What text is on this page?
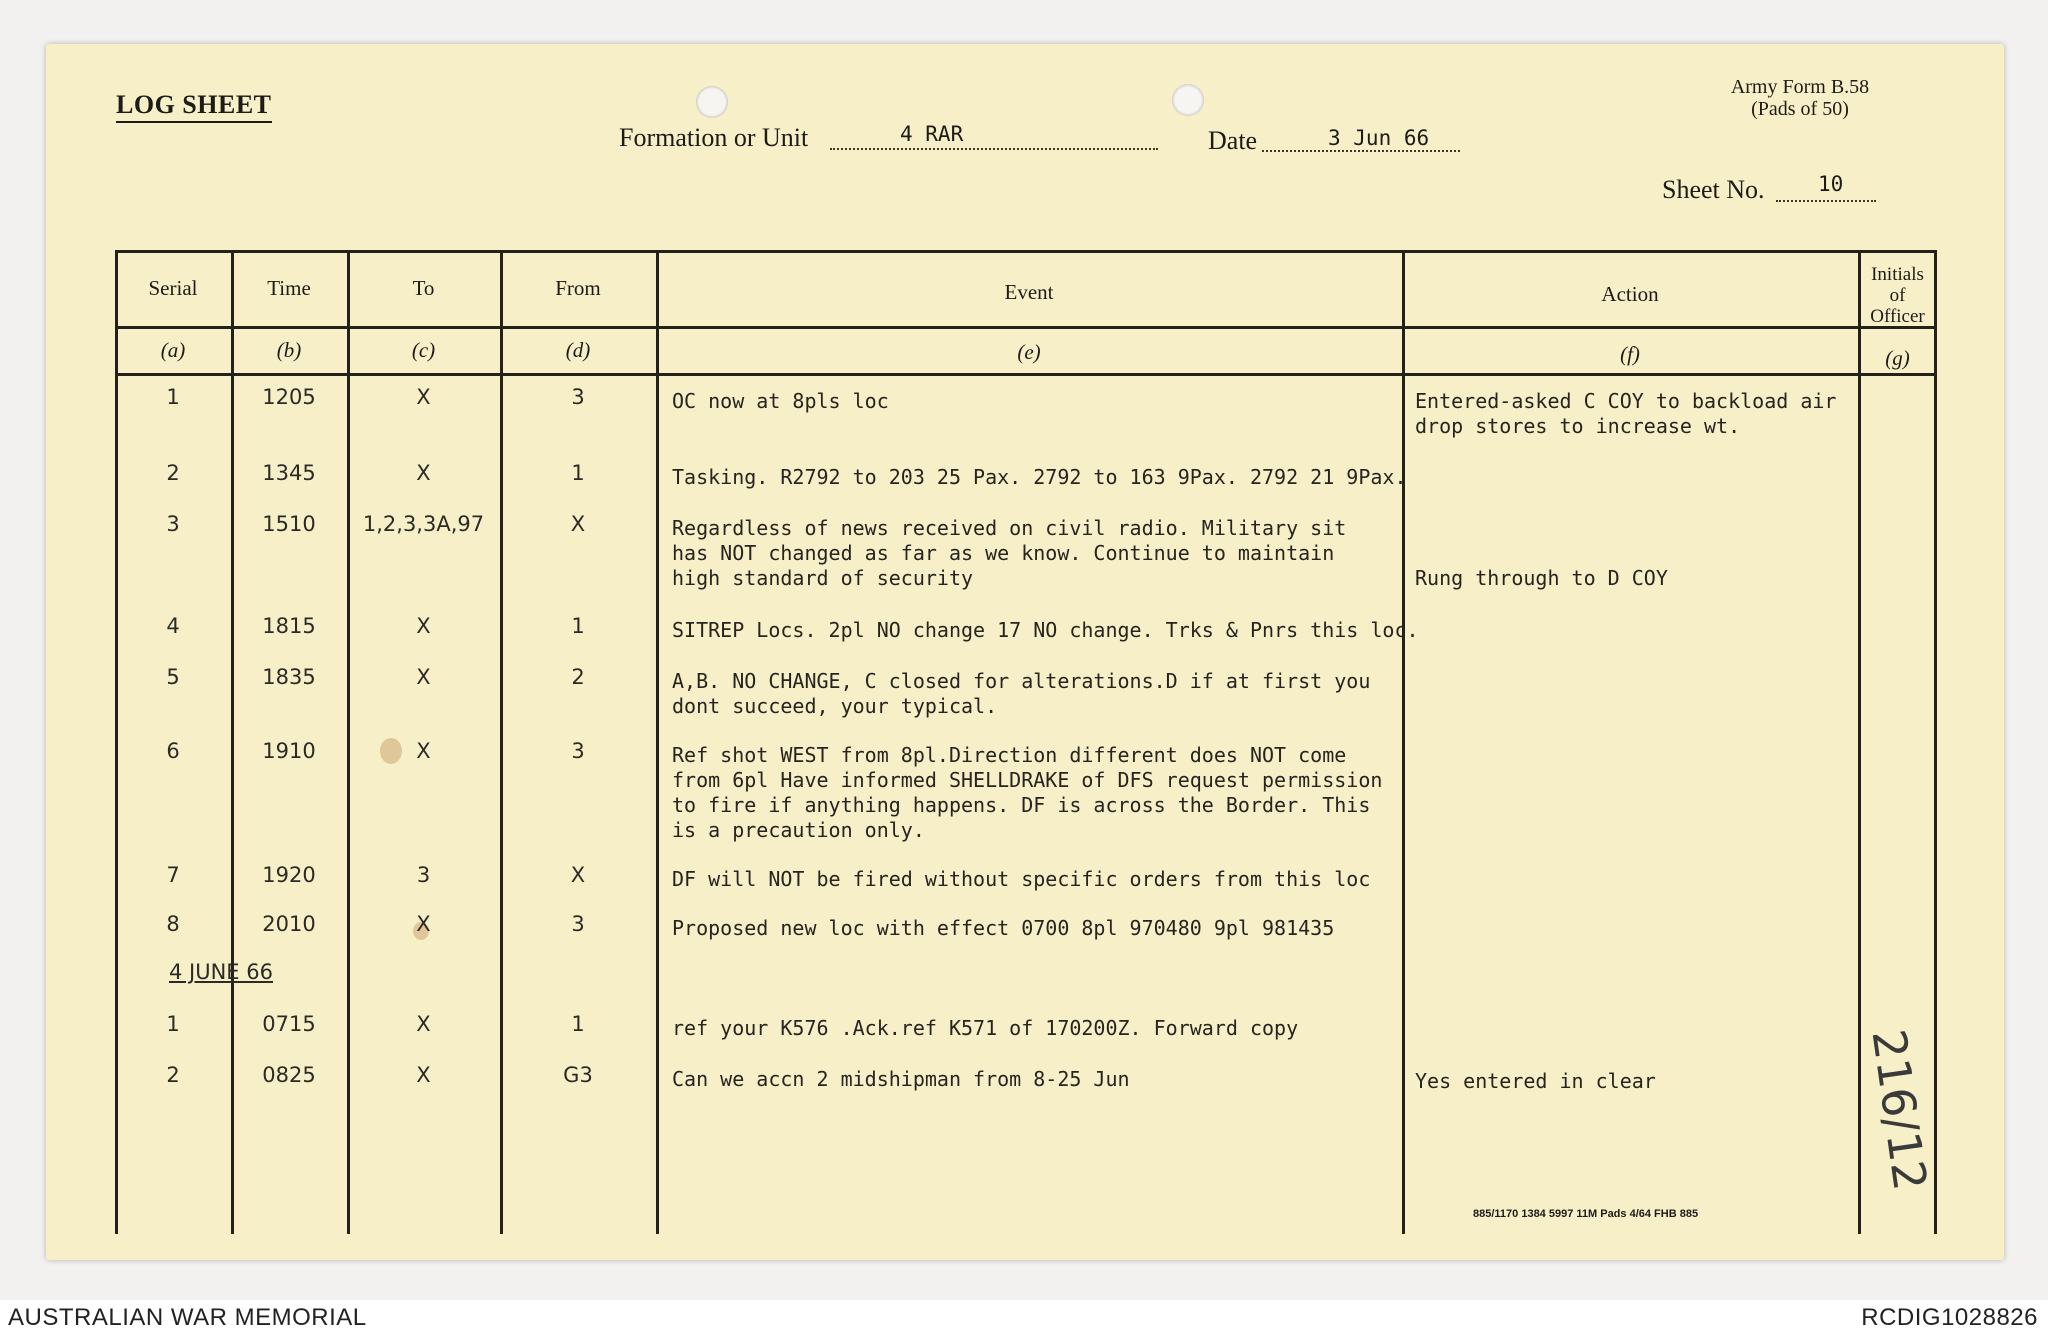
AUSTRALIAN WAR MEMORIAL	RCDIG1028826
LOG SHEET
Army Form B.58
(Pads of 50)
Formation or Unit	4 RAR	Date	3 Jun 66
Sheet No.	10
Serial	Time	To	From	Event	Action
Initials of Officer
(a)	(b)	(c)	(d)	(e)	(f)	(g)
1	1205	X	3	OC now at 8pls loc	Entered-asked C COY to backload air
drop stores to increase wt.
2	1345	X	1	Tasking. R2792 to 203 25 Pax. 2792 to 163 9Pax. 2792 21 9Pax.
3	1510	1,2,3,3A,97	X	Regardless of news received on civil radio. Military sit
has NOT changed as far as we know. Continue to maintain
high standard of security	Rung through to D COY
4	1815	X	1	SITREP Locs. 2pl NO change 17 NO change. Trks & Pnrs this loc.
5	1835	X	2	A,B. NO CHANGE, C closed for alterations.D if at first you
dont succeed, your typical.
6	1910	X	3	Ref shot WEST from 8pl.Direction different does NOT come
from 6pl Have informed SHELLDRAKE of DFS request permission
to fire if anything happens. DF is across the Border. This
is a precaution only.
7	1920	3	X	DF will NOT be fired without specific orders from this loc
8	2010	X	3	Proposed new loc with effect 0700 8pl 970480 9pl 981435
1	0715	X	1	ref your K576 .Ack.ref K571 of 170200Z. Forward copy
2	0825	X	G3	Can we accn 2 midshipman from 8-25 Jun	Yes entered in clear
4 JUNE 66
885/1170 1384 5997 11M Pads 4/64 FHB 885
216/12
